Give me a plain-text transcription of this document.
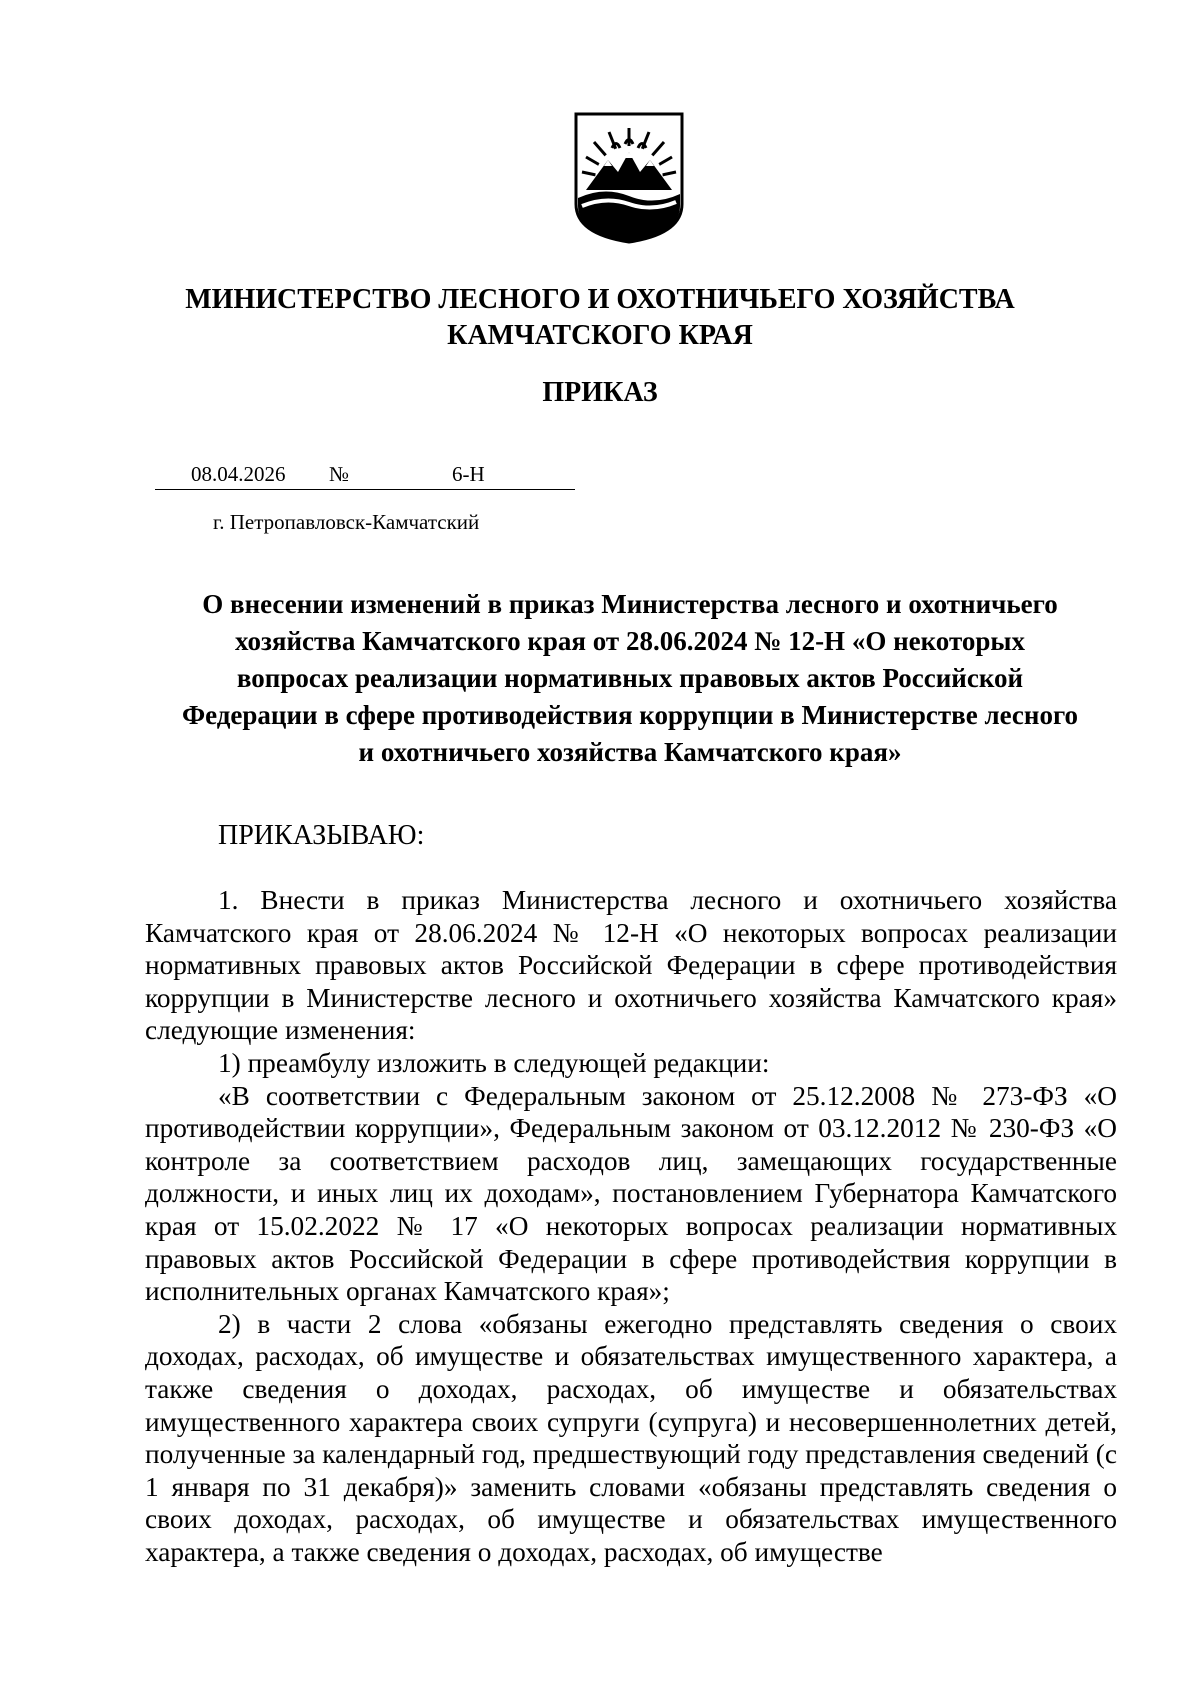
МИНИСТЕРСТВО ЛЕСНОГО И ОХОТНИЧЬЕГО ХОЗЯЙСТВА
КАМЧАТСКОГО КРАЯ
ПРИКАЗ
08.04.2026 №	6-Н
г. Петропавловск-Камчатский
О внесении изменений в приказ Министерства лесного и охотничьего
хозяйства Камчатского края от 28.06.2024 № 12-Н «О некоторых
вопросах реализации нормативных правовых актов Российской
Федерации в сфере противодействия коррупции в Министерстве лесного
и охотничьего хозяйства Камчатского края»
ПРИКАЗЫВАЮ:

1. Внести в приказ Министерства лесного и охотничьего хозяйства Камчатского края от 28.06.2024 № 12-Н «О некоторых вопросах реализации нормативных правовых актов Российской Федерации в сфере противодействия коррупции в Министерстве лесного и охотничьего хозяйства Камчатского края» следующие изменения:

1) преамбулу изложить в следующей редакции:

«В соответствии с Федеральным законом от 25.12.2008 № 273-ФЗ «О противодействии коррупции», Федеральным законом от 03.12.2012 № 230-ФЗ «О контроле за соответствием расходов лиц, замещающих государственные должности, и иных лиц их доходам», постановлением Губернатора Камчатского края от 15.02.2022 № 17 «О некоторых вопросах реализации нормативных правовых актов Российской Федерации в сфере противодействия коррупции в исполнительных органах Камчатского края»;

2) в части 2 слова «обязаны ежегодно представлять сведения о своих доходах, расходах, об имуществе и обязательствах имущественного характера, а также сведения о доходах, расходах, об имуществе и обязательствах имущественного характера своих супруги (супруга) и несовершеннолетних детей, полученные за календарный год, предшествующий году представления сведений (с 1 января по 31 декабря)» заменить словами «обязаны представлять сведения о своих доходах, расходах, об имуществе и обязательствах имущественного характера, а также сведения о доходах, расходах, об имуществе
